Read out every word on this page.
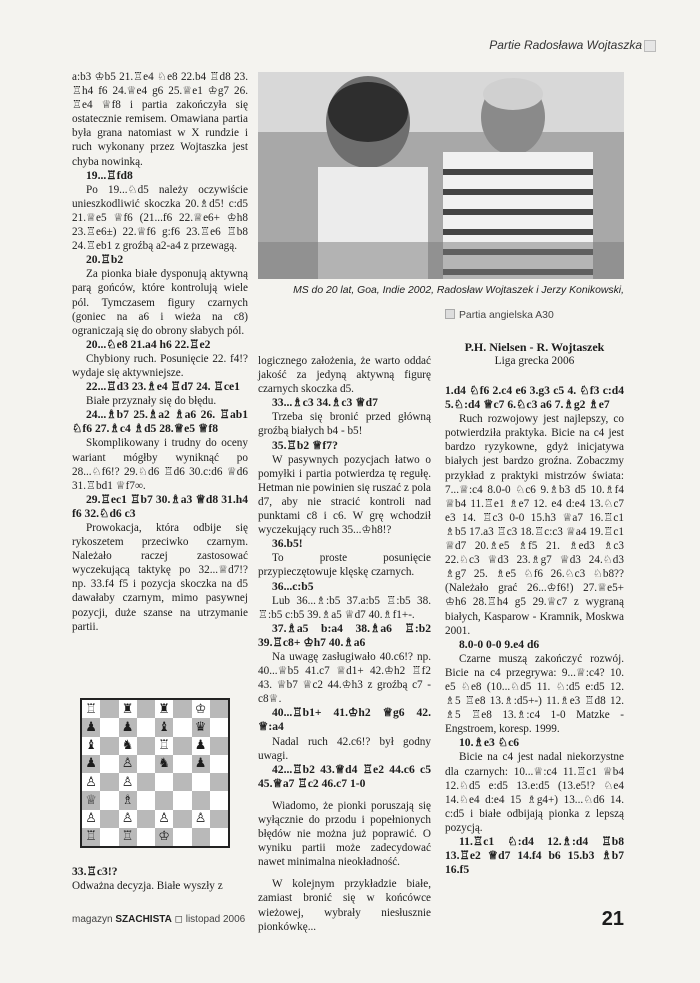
Partie Radosława Wojtaszka

a:b3 ♔b5 21.♖e4 ♘e8 22.b4 ♖d8 23. ♖h4 f6 24.♕e4 g6 25.♕e1 ♔g7 26. ♖e4 ♕f8 i partia zakończyła się ostatecznie remisem. Omawiana partia była grana natomiast w X rundzie i ruch wykonany przez Wojtaszka jest chyba nowinką.

19...♖fd8

Po 19...♘d5 należy oczywiście unieszkodliwić skoczka 20.♗d5! c:d5 21.♕e5 ♕f6 (21...f6 22.♕e6+ ♔h8 23.♖e6±) 22.♕f6 g:f6 23.♖e6 ♖b8 24.♖eb1 z groźbą a2-a4 z przewagą.

20.♖b2

Za pionka białe dysponują aktywną parą gońców, które kontrolują wiele pól. Tymczasem figury czarnych (goniec na a6 i wieża na c8) ograniczają się do obrony słabych pól.

20...♘e8 21.a4 h6 22.♖e2

Chybiony ruch. Posunięcie 22. f4!? wydaje się aktywniejsze.

22...♖d3 23.♗e4 ♖d7 24. ♖ce1

Białe przyznały się do błędu.

24...♗b7 25.♗a2 ♗a6 26. ♖ab1 ♘f6 27.♗c4 ♗d5 28.♕e5 ♕f8

Skomplikowany i trudny do oceny wariant mógłby wyniknąć po 28...♘f6!? 29.♘d6 ♖d6 30.c:d6 ♕d6 31.♖bd1 ♕f7∞.

29.♖ec1 ♖b7 30.♗a3 ♕d8 31.h4 f6 32.♘d6 c3

Prowokacja, która odbije się rykoszetem przeciwko czarnym. Należało raczej zastosować wyczekującą taktykę po 32...♕d7!? np. 33.f4 f5 i pozycja skoczka na d5 dawałaby czarnym, mimo pasywnej pozycji, duże szanse na utrzymanie partii.

♖ ♜ ♜ ♔
♟ ♟ ♝ ♛
♝ ♞ ♖ ♟
♟ ♙ ♞ ♟
♙ ♙
♕ ♗
♙ ♙ ♙ ♙
♖ ♖ ♔

33.♖c3!?

Odważna decyzja. Białe wyszły z

MS do 20 lat, Goa, Indie 2002, Radosław Wojtaszek i Jerzy Konikowski,

logicznego założenia, że warto oddać jakość za jedyną aktywną figurę czarnych skoczka d5.

33...♗c3 34.♗c3 ♕d7

Trzeba się bronić przed główną groźbą białych b4 - b5!

35.♖b2 ♕f7?

W pasywnych pozycjach łatwo o pomyłki i partia potwierdza tę regułę. Hetman nie powinien się ruszać z pola d7, aby nie stracić kontroli nad punktami c8 i c6. W grę wchodził wyczekujący ruch 35...♔h8!?

36.b5!

To proste posunięcie przypieczętowuje klęskę czarnych.

36...c:b5

Lub 36...♗:b5 37.a:b5 ♖:b5 38. ♖:b5 c:b5 39.♗a5 ♕d7 40.♗f1+-.

37.♗a5 b:a4 38.♗a6 ♖:b2 39.♖c8+ ♔h7 40.♗a6

Na uwagę zasługiwało 40.c6!? np. 40...♕b5 41.c7 ♕d1+ 42.♔h2 ♖f2 43. ♕b7 ♕c2 44.♔h3 z groźbą c7 - c8♕.

40...♖b1+ 41.♔h2 ♕g6 42. ♕:a4

Nadal ruch 42.c6!? był godny uwagi.

42...♖b2 43.♕d4 ♖e2 44.c6 c5 45.♕a7 ♖c2 46.c7 1-0

Wiadomo, że pionki poruszają się wyłącznie do przodu i popełnionych błędów nie można już poprawić. O wyniku partii może zadecydować nawet minimalna nieokładność.

W kolejnym przykładzie białe, zamiast bronić się w końcówce wieżowej, wybrały niesłusznie pionkówkę...

Partia angielska A30
P.H. Nielsen - R. Wojtaszek
Liga grecka 2006

1.d4 ♘f6 2.c4 e6 3.g3 c5 4. ♘f3 c:d4 5.♘:d4 ♕c7 6.♘c3 a6 7.♗g2 ♗e7

Ruch rozwojowy jest najlepszy, co potwierdziła praktyka. Bicie na c4 jest bardzo ryzykowne, gdyż inicjatywa białych jest bardzo groźna. Zobaczmy przykład z praktyki mistrzów świata: 7...♕:c4 8.0-0 ♘c6 9.♗b3 d5 10.♗f4 ♕b4 11.♖e1 ♗e7 12. e4 d:e4 13.♘c7 e3 14. ♖c3 0-0 15.h3 ♕a7 16.♖c1 ♗b5 17.a3 ♖c3 18.♖c:c3 ♕a4 19.♖c1 ♕d7 20.♗e5 ♗f5 21. ♗ed3 ♗c3 22.♘c3 ♕d3 23.♗g7 ♕d3 24.♘d3 ♗g7 25. ♗e5 ♘f6 26.♘c3 ♘b8?? (Należało grać 26...♔f6!) 27.♕e5+ ♔h6 28.♖h4 g5 29.♕c7 z wygraną białych, Kasparow - Kramnik, Moskwa 2001.

8.0-0 0-0 9.e4 d6

Czarne muszą zakończyć rozwój. Bicie na c4 przegrywa: 9...♕:c4? 10. e5 ♘e8 (10...♘d5 11. ♘:d5 e:d5 12. ♗5 ♖e8 13.♗:d5+-) 11.♗e3 ♖d8 12. ♗5 ♖e8 13.♗:c4 1-0 Matzke - Engstroem, koresp. 1999.

10.♗e3 ♘c6

Bicie na c4 jest nadal niekorzystne dla czarnych: 10...♕:c4 11.♖c1 ♕b4 12.♘d5 e:d5 13.e:d5 (13.e5!? ♘e4 14.♘e4 d:e4 15 ♗g4+) 13...♘d6 14. c:d5 i białe odbijają pionka z lepszą pozycją.

11.♖c1 ♘:d4 12.♗:d4 ♖b8 13.♖e2 ♕d7 14.f4 b6 15.b3 ♗b7 16.f5

magazyn SZACHISTA ◻ listopad 2006	21
